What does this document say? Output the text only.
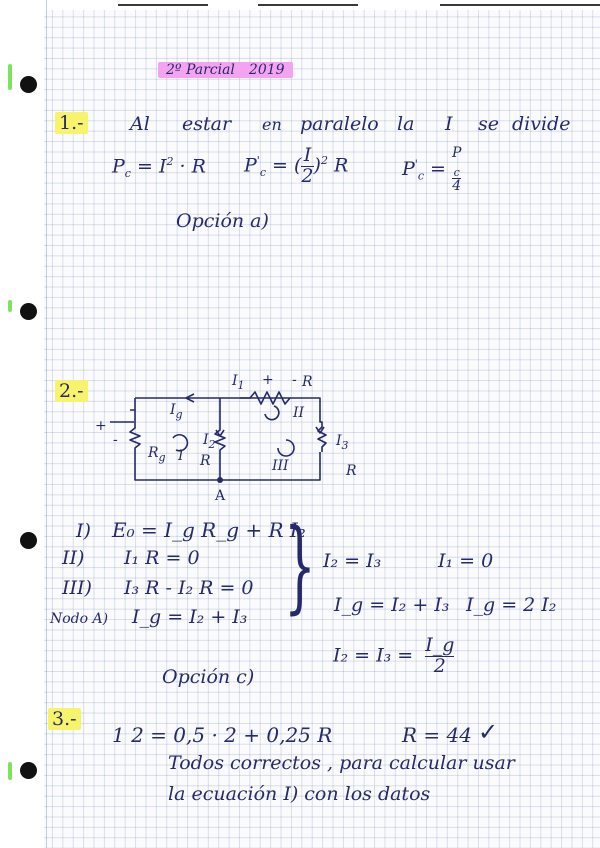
2º Parcial 2019
1.- Al estar en paralelo la I se divide
$P_c = I^2 \cdot R$ $P'_c$ = ( $\frac{I}{2} )^2$ R	$P'_c = P$
$_c$
4
Opción a)
2.-	$I_1$ + - R
$I_g$	II
$I_2$
$R_g$ I R	III
$I_3$
R
A
+
-
I) E₀ = I_g R_g + R I₂
II) I₁ R = 0
III) I₃ R - I₂ R = 0
Nodo A) I_g = I₂ + I₃ } I₂ = I₃	I₁ = 0
I_g = I₂ + I₃ I_g = 2 I₂
$I_2 = I_3 = \frac{I\_g}{2}$
Opción c)
3.-
1 2 = 0,5 · 2 + 0,25 R	R = 44 ✓
Todos correctos , para calcular usar
la ecuación I) con los datos
